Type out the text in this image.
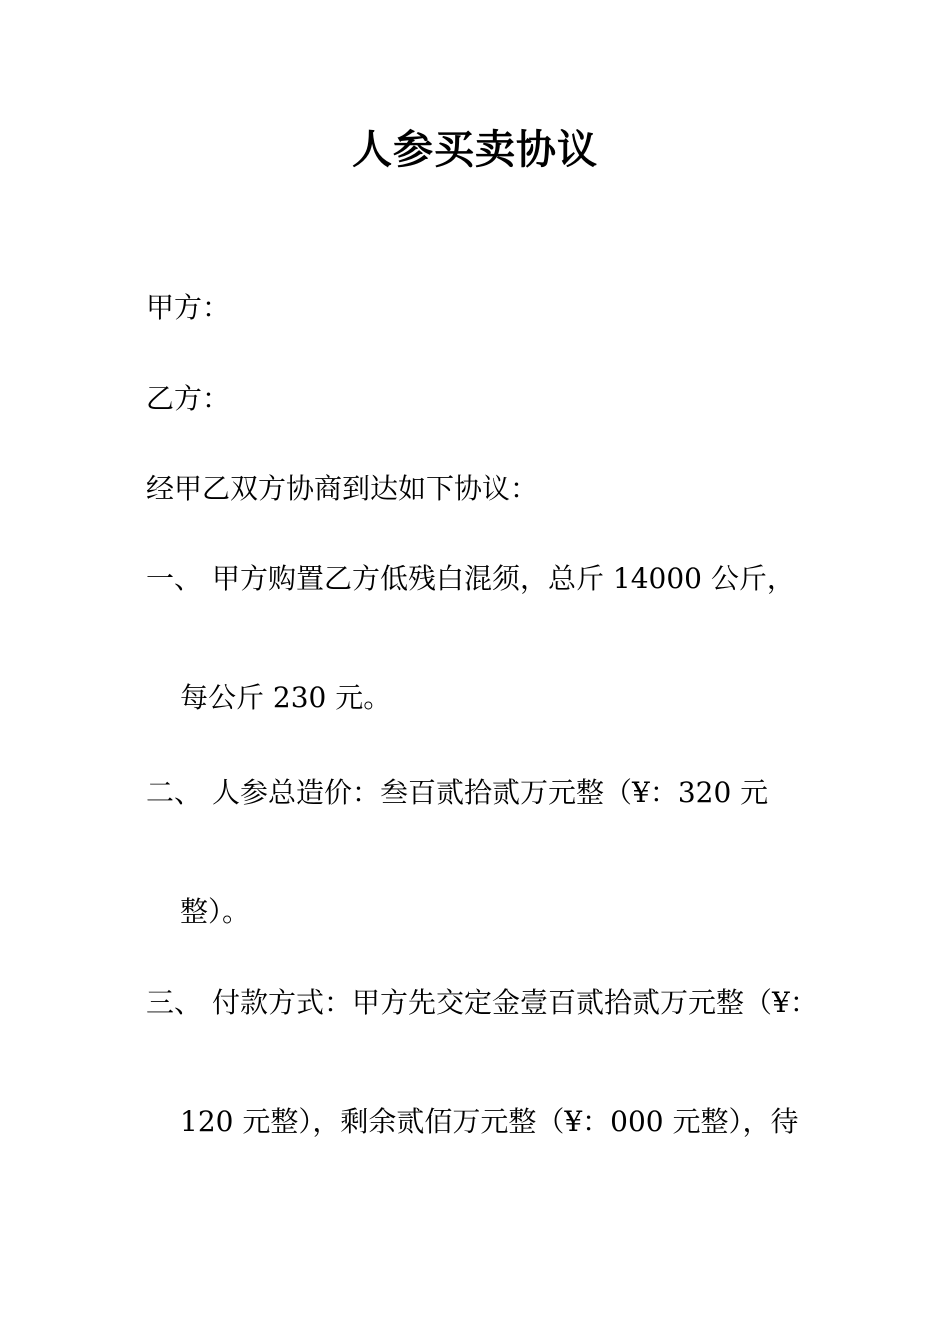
人参买卖协议
甲方：
乙方：
经甲乙双方协商到达如下协议：
一、 甲方购置乙方低残白混须，总斤 14000 公斤，
每公斤 230 元。
二、 人参总造价：叁百贰拾贰万元整（¥：320 元
整）。
三、 付款方式：甲方先交定金壹百贰拾贰万元整（¥：
120 元整），剩余贰佰万元整（¥：000 元整），待
